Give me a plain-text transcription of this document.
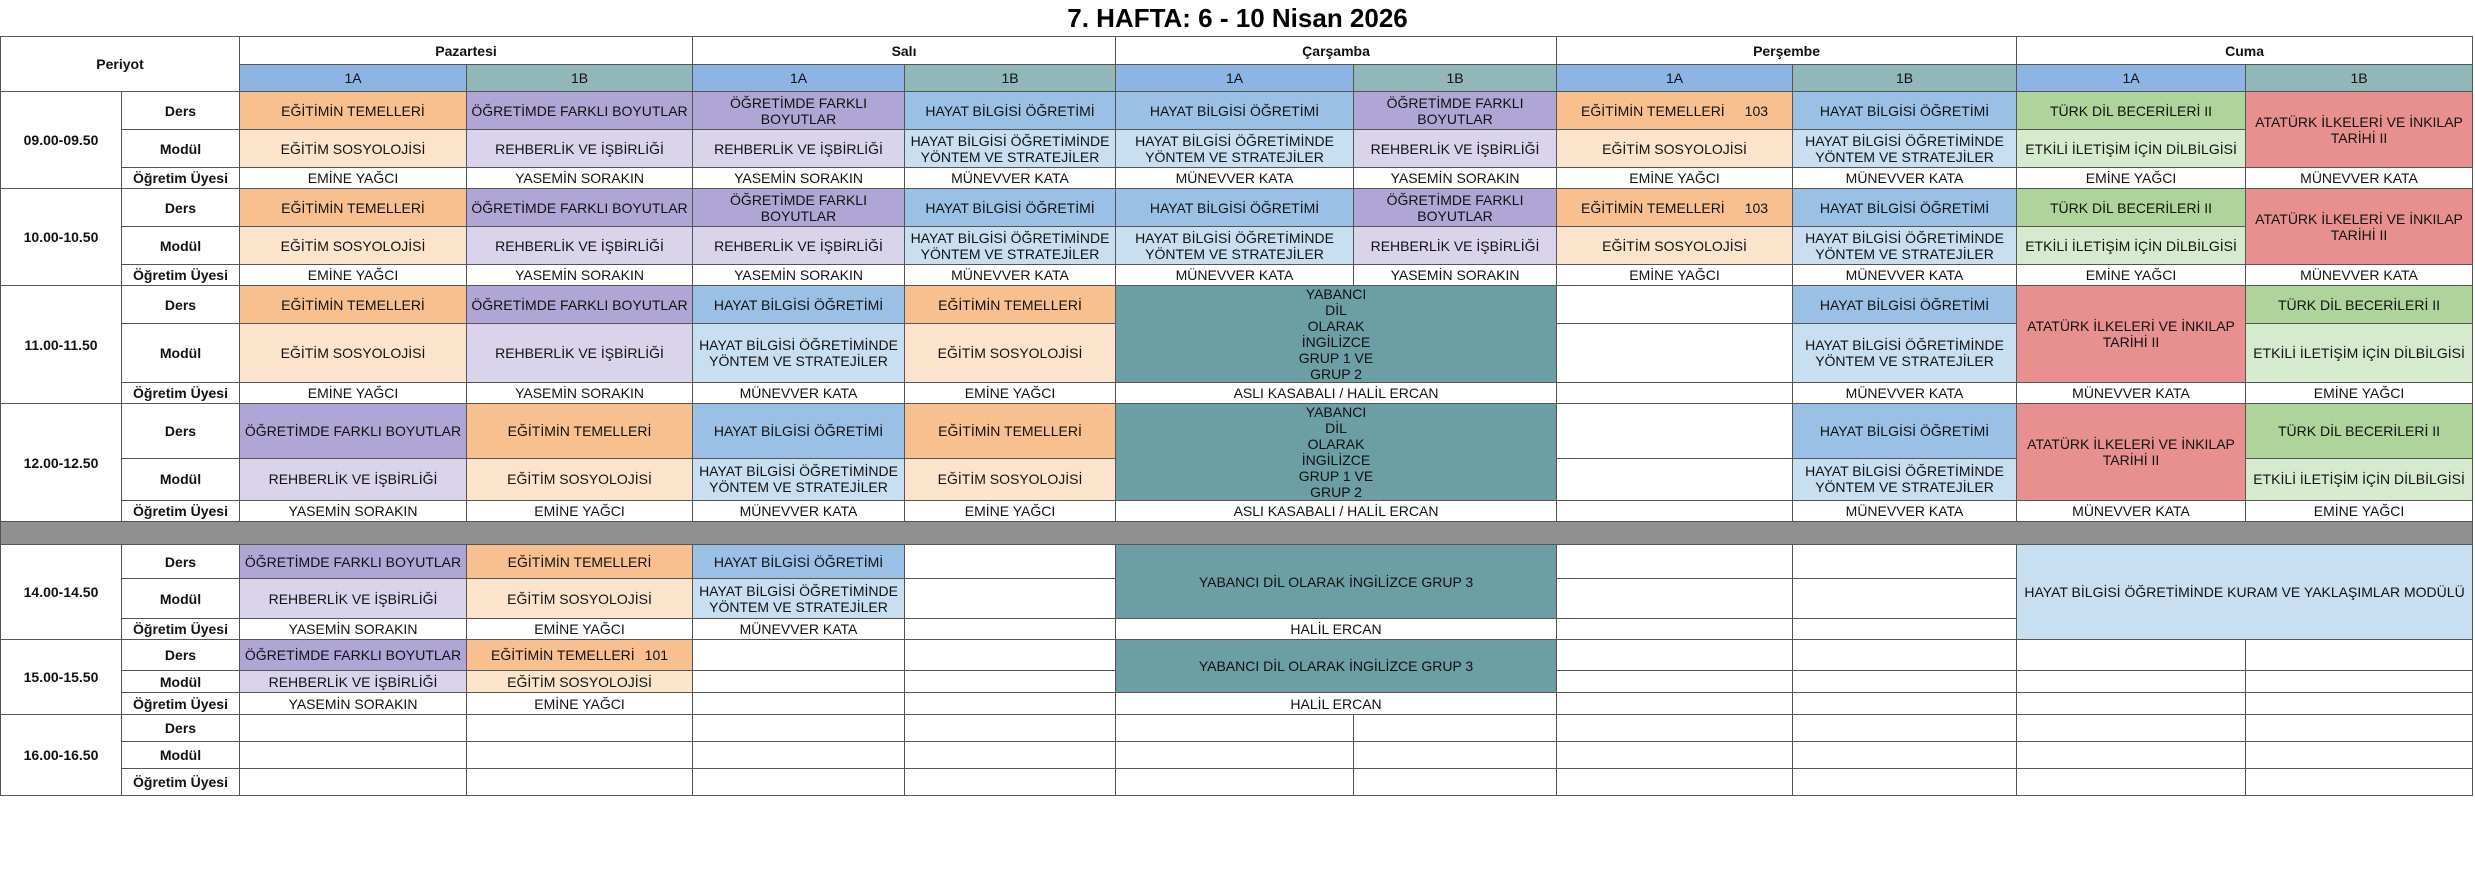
7. HAFTA: 6 - 10 Nisan 2026
Periyot		Pazartesi		Salı		Çarşamba		Perşembe		Cuma	
		1A	1B	1A	1B	1A	1B	1A	1B	1A	1B
09.00-09.50	Ders	EĞİTİMİN TEMELLERİ	ÖĞRETİMDE FARKLI BOYUTLAR	ÖĞRETİMDE FARKLI BOYUTLAR	HAYAT BİLGİSİ ÖĞRETİMİ	HAYAT BİLGİSİ ÖĞRETİMİ	ÖĞRETİMDE FARKLI BOYUTLAR	EĞİTİMİN TEMELLERİ 103	HAYAT BİLGİSİ ÖĞRETİMİ	TÜRK DİL BECERİLERİ II	ATATÜRK İLKELERİ VE İNKILAP TARİHİ II
	Modül	EĞİTİM SOSYOLOJİSİ	REHBERLİK VE İŞBİRLİĞİ	REHBERLİK VE İŞBİRLİĞİ	HAYAT BİLGİSİ ÖĞRETİMİNDE YÖNTEM VE STRATEJİLER	HAYAT BİLGİSİ ÖĞRETİMİNDE YÖNTEM VE STRATEJİLER	REHBERLİK VE İŞBİRLİĞİ	EĞİTİM SOSYOLOJİSİ	HAYAT BİLGİSİ ÖĞRETİMİNDE YÖNTEM VE STRATEJİLER	ETKİLİ İLETİŞİM İÇİN DİLBİLGİSİ	
	Öğretim Üyesi	EMİNE YAĞCI	YASEMİN SORAKIN	YASEMİN SORAKIN	MÜNEVVER KATA	MÜNEVVER KATA	YASEMİN SORAKIN	EMİNE YAĞCI	MÜNEVVER KATA	EMİNE YAĞCI	MÜNEVVER KATA
10.00-10.50	Ders	EĞİTİMİN TEMELLERİ	ÖĞRETİMDE FARKLI BOYUTLAR	ÖĞRETİMDE FARKLI BOYUTLAR	HAYAT BİLGİSİ ÖĞRETİMİ	HAYAT BİLGİSİ ÖĞRETİMİ	ÖĞRETİMDE FARKLI BOYUTLAR	EĞİTİMİN TEMELLERİ 103	HAYAT BİLGİSİ ÖĞRETİMİ	TÜRK DİL BECERİLERİ II	ATATÜRK İLKELERİ VE İNKILAP TARİHİ II
	Modül	EĞİTİM SOSYOLOJİSİ	REHBERLİK VE İŞBİRLİĞİ	REHBERLİK VE İŞBİRLİĞİ	HAYAT BİLGİSİ ÖĞRETİMİNDE YÖNTEM VE STRATEJİLER	HAYAT BİLGİSİ ÖĞRETİMİNDE YÖNTEM VE STRATEJİLER	REHBERLİK VE İŞBİRLİĞİ	EĞİTİM SOSYOLOJİSİ	HAYAT BİLGİSİ ÖĞRETİMİNDE YÖNTEM VE STRATEJİLER	ETKİLİ İLETİŞİM İÇİN DİLBİLGİSİ	
	Öğretim Üyesi	EMİNE YAĞCI	YASEMİN SORAKIN	YASEMİN SORAKIN	MÜNEVVER KATA	MÜNEVVER KATA	YASEMİN SORAKIN	EMİNE YAĞCI	MÜNEVVER KATA	EMİNE YAĞCI	MÜNEVVER KATA
11.00-11.50	Ders	EĞİTİMİN TEMELLERİ	ÖĞRETİMDE FARKLI BOYUTLAR	HAYAT BİLGİSİ ÖĞRETİMİ	EĞİTİMİN TEMELLERİ	YABANCI DİL OLARAK İNGİLİZCE GRUP 1 VE GRUP 2			HAYAT BİLGİSİ ÖĞRETİMİ	ATATÜRK İLKELERİ VE İNKILAP TARİHİ II	TÜRK DİL BECERİLERİ II
	Modül	EĞİTİM SOSYOLOJİSİ	REHBERLİK VE İŞBİRLİĞİ	HAYAT BİLGİSİ ÖĞRETİMİNDE YÖNTEM VE STRATEJİLER	EĞİTİM SOSYOLOJİSİ				HAYAT BİLGİSİ ÖĞRETİMİNDE YÖNTEM VE STRATEJİLER		ETKİLİ İLETİŞİM İÇİN DİLBİLGİSİ
	Öğretim Üyesi	EMİNE YAĞCI	YASEMİN SORAKIN	MÜNEVVER KATA	EMİNE YAĞCI	ASLI KASABALI / HALİL ERCAN			MÜNEVVER KATA	MÜNEVVER KATA	EMİNE YAĞCI
12.00-12.50	Ders	ÖĞRETİMDE FARKLI BOYUTLAR	EĞİTİMİN TEMELLERİ	HAYAT BİLGİSİ ÖĞRETİMİ	EĞİTİMİN TEMELLERİ	YABANCI DİL OLARAK İNGİLİZCE GRUP 1 VE GRUP 2			HAYAT BİLGİSİ ÖĞRETİMİ	ATATÜRK İLKELERİ VE İNKILAP TARİHİ II	TÜRK DİL BECERİLERİ II
	Modül	REHBERLİK VE İŞBİRLİĞİ	EĞİTİM SOSYOLOJİSİ	HAYAT BİLGİSİ ÖĞRETİMİNDE YÖNTEM VE STRATEJİLER	EĞİTİM SOSYOLOJİSİ				HAYAT BİLGİSİ ÖĞRETİMİNDE YÖNTEM VE STRATEJİLER		ETKİLİ İLETİŞİM İÇİN DİLBİLGİSİ
	Öğretim Üyesi	YASEMİN SORAKIN	EMİNE YAĞCI	MÜNEVVER KATA	EMİNE YAĞCI	ASLI KASABALI / HALİL ERCAN			MÜNEVVER KATA	MÜNEVVER KATA	EMİNE YAĞCI

14.00-14.50	Ders	ÖĞRETİMDE FARKLI BOYUTLAR	EĞİTİMİN TEMELLERİ	HAYAT BİLGİSİ ÖĞRETİMİ		YABANCI DİL OLARAK İNGİLİZCE GRUP 3				HAYAT BİLGİSİ ÖĞRETİMİNDE KURAM VE YAKLAŞIMLAR MODÜLÜ	
	Modül	REHBERLİK VE İŞBİRLİĞİ	EĞİTİM SOSYOLOJİSİ	HAYAT BİLGİSİ ÖĞRETİMİNDE YÖNTEM VE STRATEJİLER							
	Öğretim Üyesi	YASEMİN SORAKIN	EMİNE YAĞCI	MÜNEVVER KATA		HALİL ERCAN					
15.00-15.50	Ders	ÖĞRETİMDE FARKLI BOYUTLAR	EĞİTİMİN TEMELLERİ 101			YABANCI DİL OLARAK İNGİLİZCE GRUP 3					
	Modül	REHBERLİK VE İŞBİRLİĞİ	EĞİTİM SOSYOLOJİSİ								
	Öğretim Üyesi	YASEMİN SORAKIN	EMİNE YAĞCI			HALİL ERCAN					
16.00-16.50	Ders										
	Modül										
	Öğretim Üyesi										
